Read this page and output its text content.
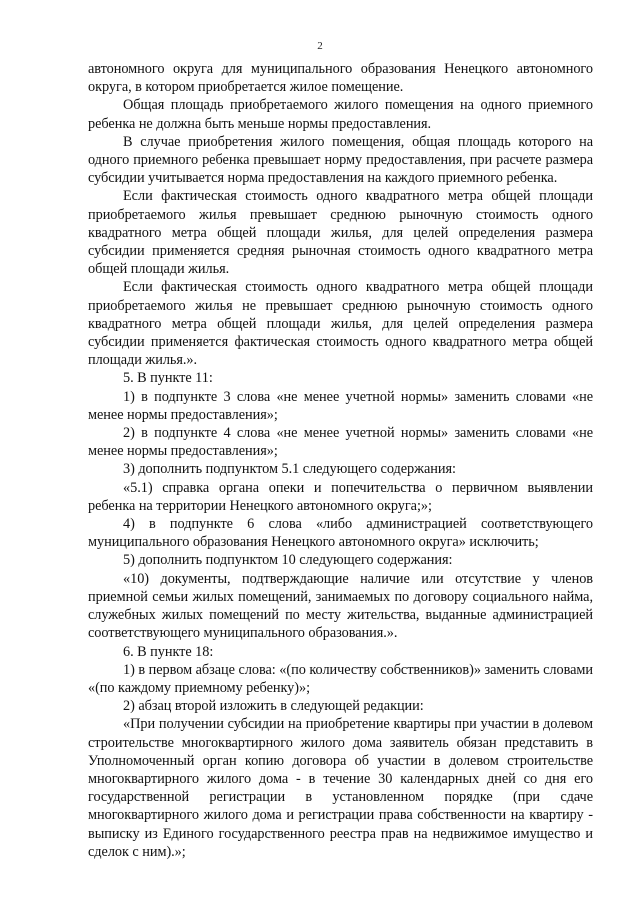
2

автономного округа для муниципального образования Ненецкого автономного округа, в котором приобретается жилое помещение.

Общая площадь приобретаемого жилого помещения на одного приемного ребенка не должна быть меньше нормы предоставления.

В случае приобретения жилого помещения, общая площадь которого на одного приемного ребенка превышает норму предоставления, при расчете размера субсидии учитывается норма предоставления на каждого приемного ребенка.

Если фактическая стоимость одного квадратного метра общей площади приобретаемого жилья превышает среднюю рыночную стоимость одного квадратного метра общей площади жилья, для целей определения размера субсидии применяется средняя рыночная стоимость одного квадратного метра общей площади жилья.

Если фактическая стоимость одного квадратного метра общей площади приобретаемого жилья не превышает среднюю рыночную стоимость одного квадратного метра общей площади жилья, для целей определения размера субсидии применяется фактическая стоимость одного квадратного метра общей площади жилья.».

5. В пункте 11:

1) в подпункте 3 слова «не менее учетной нормы» заменить словами «не менее нормы предоставления»;

2) в подпункте 4 слова «не менее учетной нормы» заменить словами «не менее нормы предоставления»;

3) дополнить подпунктом 5.1 следующего содержания:

«5.1) справка органа опеки и попечительства о первичном выявлении ребенка на территории Ненецкого автономного округа;»;

4) в подпункте 6 слова «либо администрацией соответствующего муниципального образования Ненецкого автономного округа» исключить;

5) дополнить подпунктом 10 следующего содержания:

«10) документы, подтверждающие наличие или отсутствие у членов приемной семьи жилых помещений, занимаемых по договору социального найма, служебных жилых помещений по месту жительства, выданные администрацией соответствующего муниципального образования.».

6. В пункте 18:

1) в первом абзаце слова: «(по количеству собственников)» заменить словами «(по каждому приемному ребенку)»;

2) абзац второй изложить в следующей редакции:

«При получении субсидии на приобретение квартиры при участии в долевом строительстве многоквартирного жилого дома заявитель обязан представить в Уполномоченный орган копию договора об участии в долевом строительстве многоквартирного жилого дома - в течение 30 календарных дней со дня его государственной регистрации в установленном порядке (при сдаче многоквартирного жилого дома и регистрации права собственности на квартиру - выписку из Единого государственного реестра прав на недвижимое имущество и сделок с ним).»;
